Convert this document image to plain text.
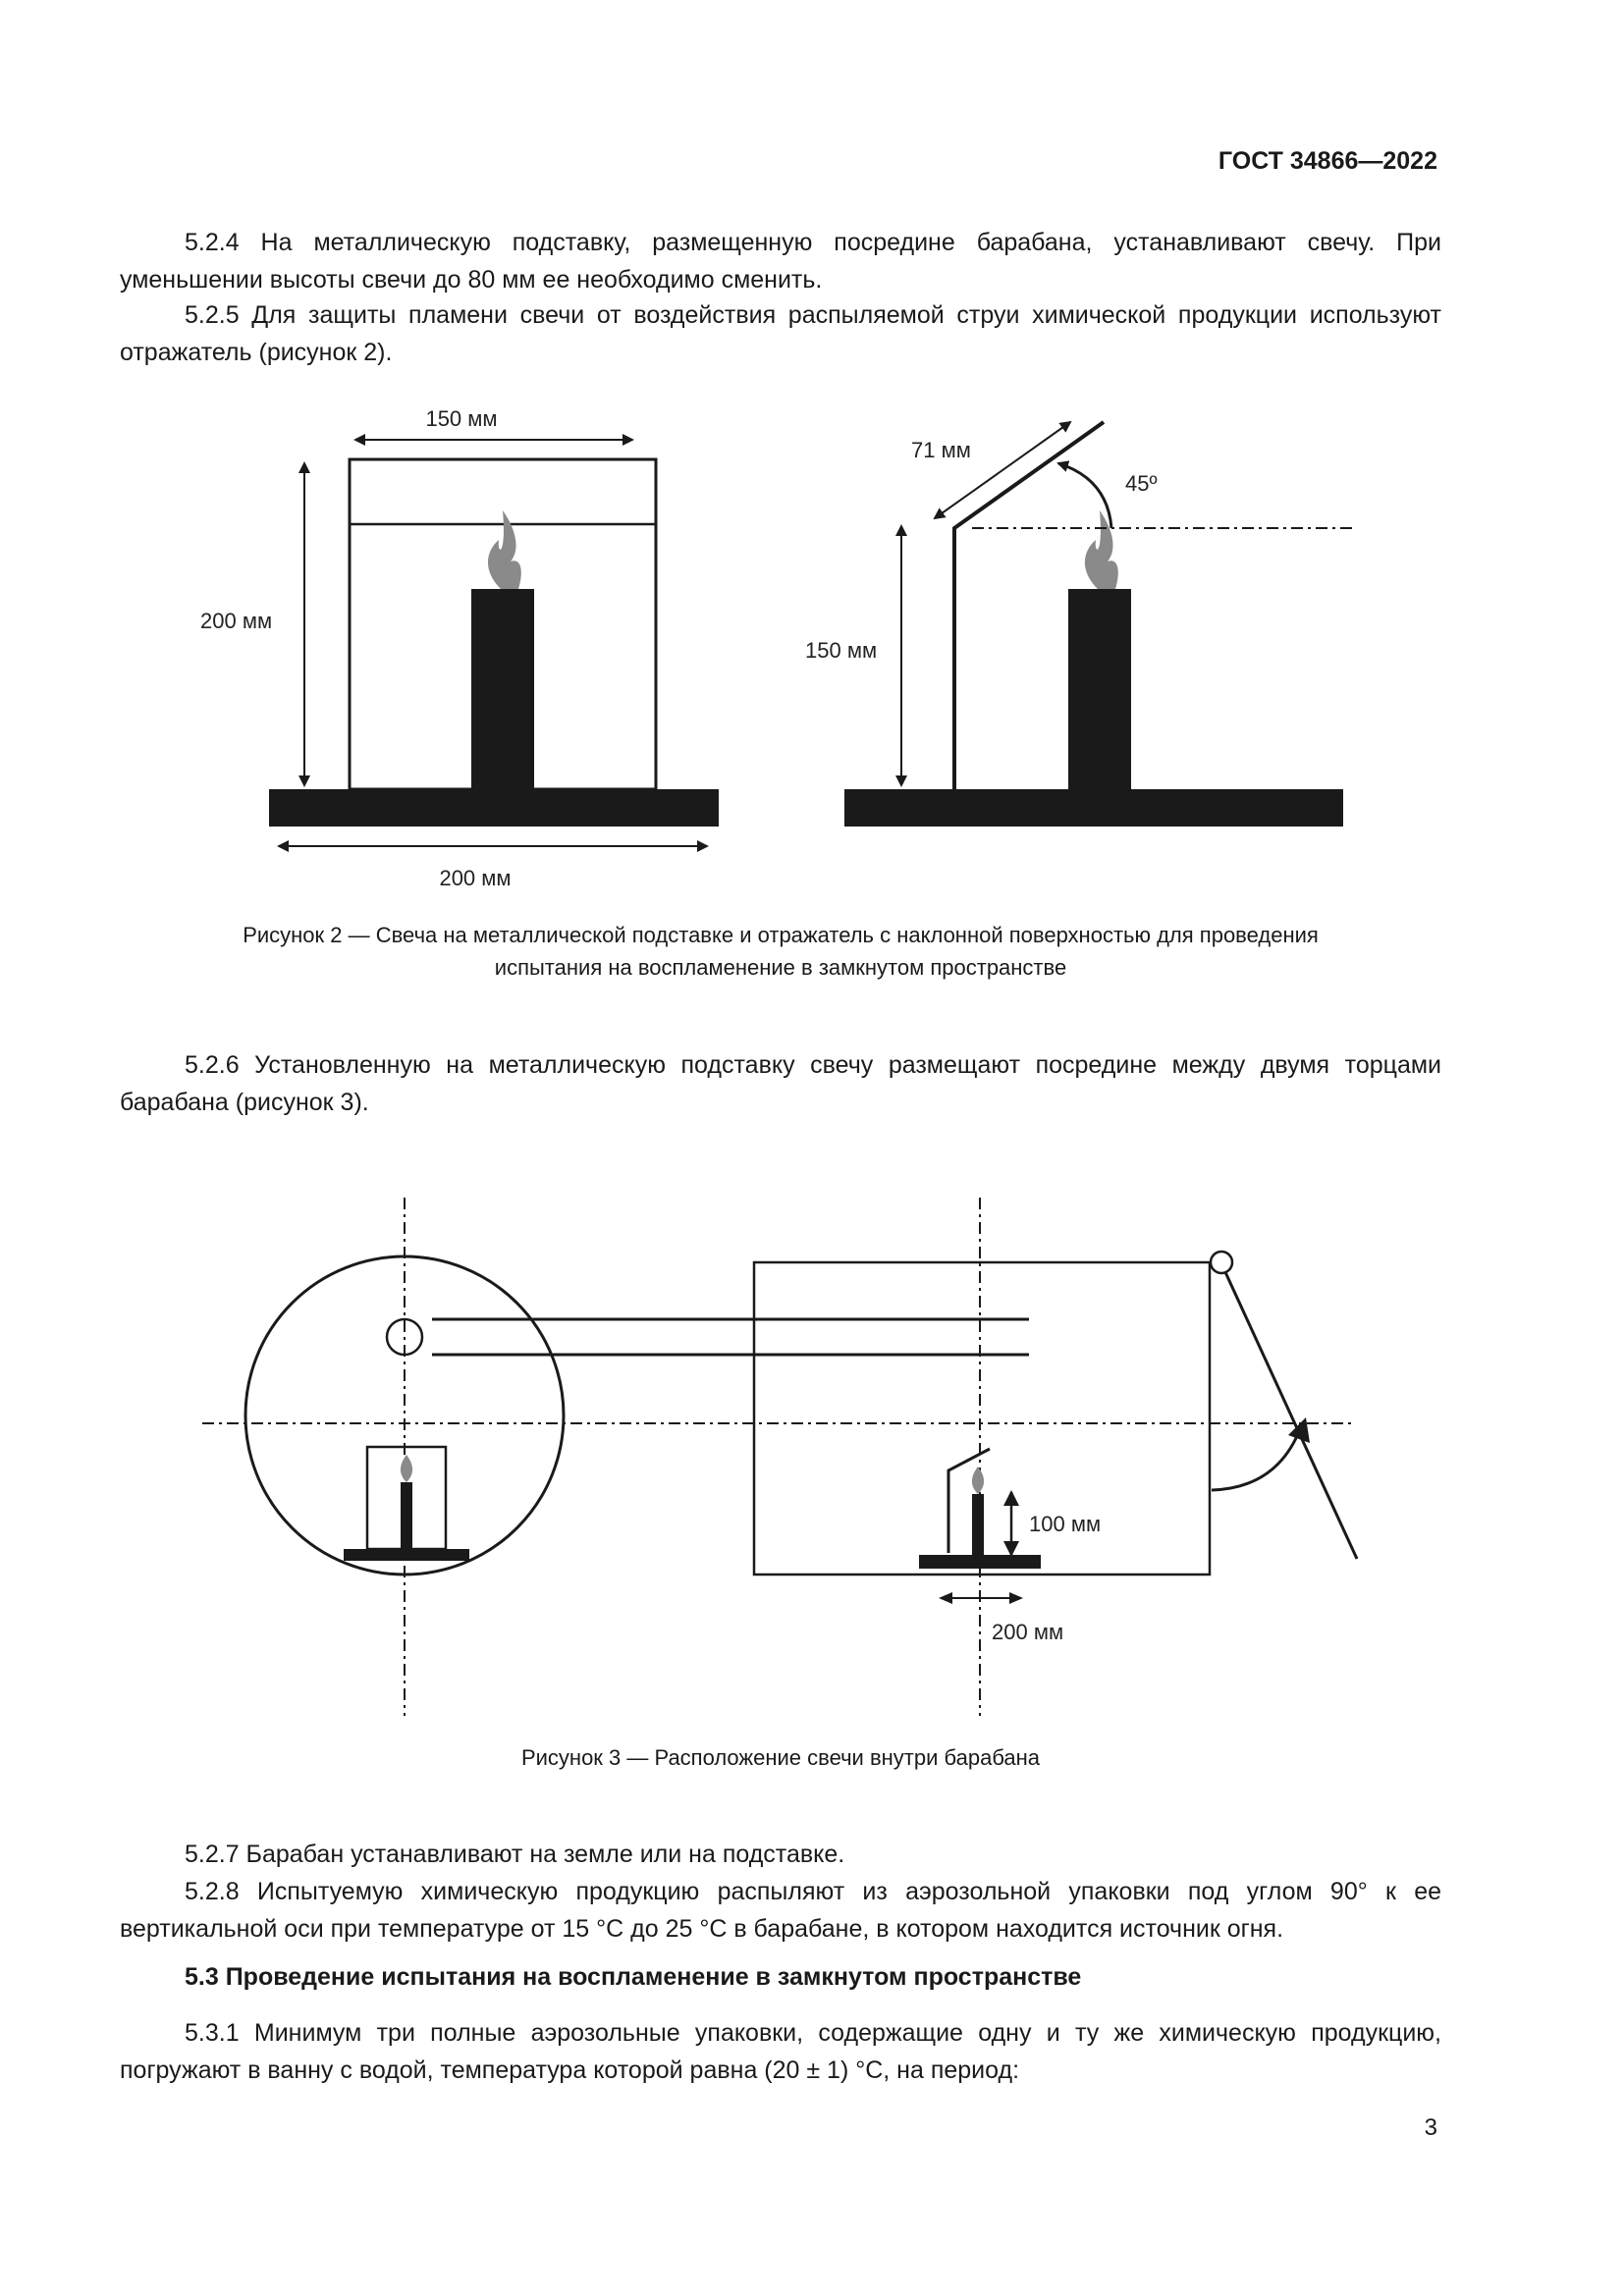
ГОСТ 34866—2022
5.2.4 На металлическую подставку, размещенную посредине барабана, устанавливают свечу. При уменьшении высоты свечи до 80 мм ее необходимо сменить.
5.2.5 Для защиты пламени свечи от воздействия распыляемой струи химической продукции используют отражатель (рисунок 2).
150 мм
200 мм
200 мм
45º
71 мм
150 мм
Рисунок 2 — Свеча на металлической подставке и отражатель с наклонной поверхностью для проведения
испытания на воспламенение в замкнутом пространстве
5.2.6 Установленную на металлическую подставку свечу размещают посредине между двумя торцами барабана (рисунок 3).
100 мм
200 мм
Рисунок 3 — Расположение свечи внутри барабана
5.2.7 Барабан устанавливают на земле или на подставке.
5.2.8 Испытуемую химическую продукцию распыляют из аэрозольной упаковки под углом 90° к ее вертикальной оси при температуре от 15 °С до 25 °С в барабане, в котором находится источник огня.
5.3 Проведение испытания на воспламенение в замкнутом пространстве
5.3.1 Минимум три полные аэрозольные упаковки, содержащие одну и ту же химическую продукцию, погружают в ванну с водой, температура которой равна (20 ± 1) °С, на период:
3
